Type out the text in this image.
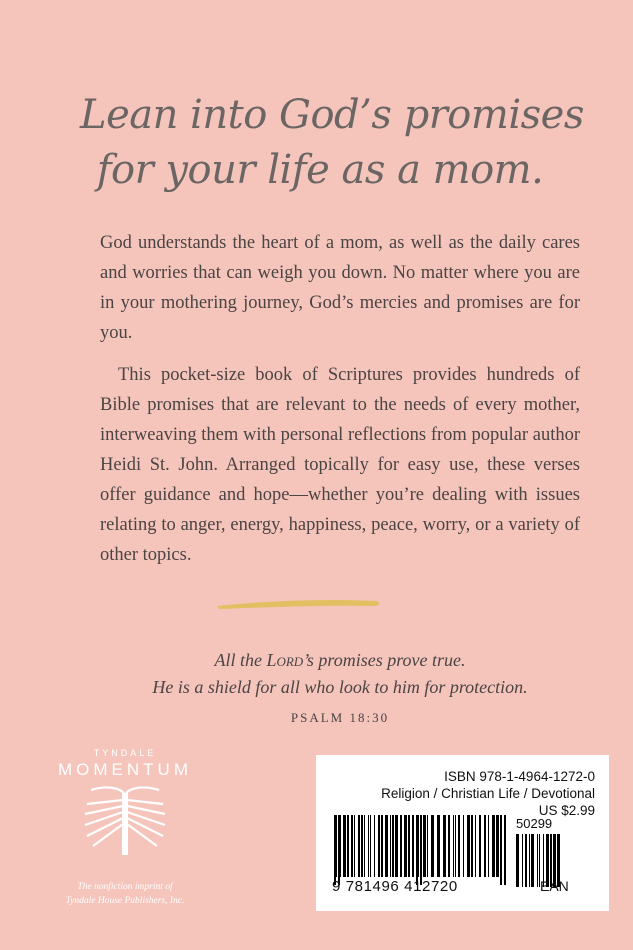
Lean into God’s promises
for your life as a mom.

God understands the heart of a mom, as well as the daily cares and worries that can weigh you down. No matter where you are in your mothering journey, God’s mercies and promises are for you.

This pocket-size book of Scriptures provides hundreds of Bible promises that are relevant to the needs of every mother, interweaving them with personal reflections from popular author Heidi St. John. Arranged topically for easy use, these verses offer guidance and hope—whether you’re dealing with issues relating to anger, energy, happiness, peace, worry, or a variety of other topics.

All the Lord’s promises prove true.
He is a shield for all who look to him for protection.
PSALM 18:30
TYNDALE
MOMENTUM
The nonfiction imprint of
Tyndale House Publishers, Inc.
ISBN 978-1-4964-1272-0
Religion / Christian Life / Devotional
US $2.99
50299
9 781496 412720	EAN
